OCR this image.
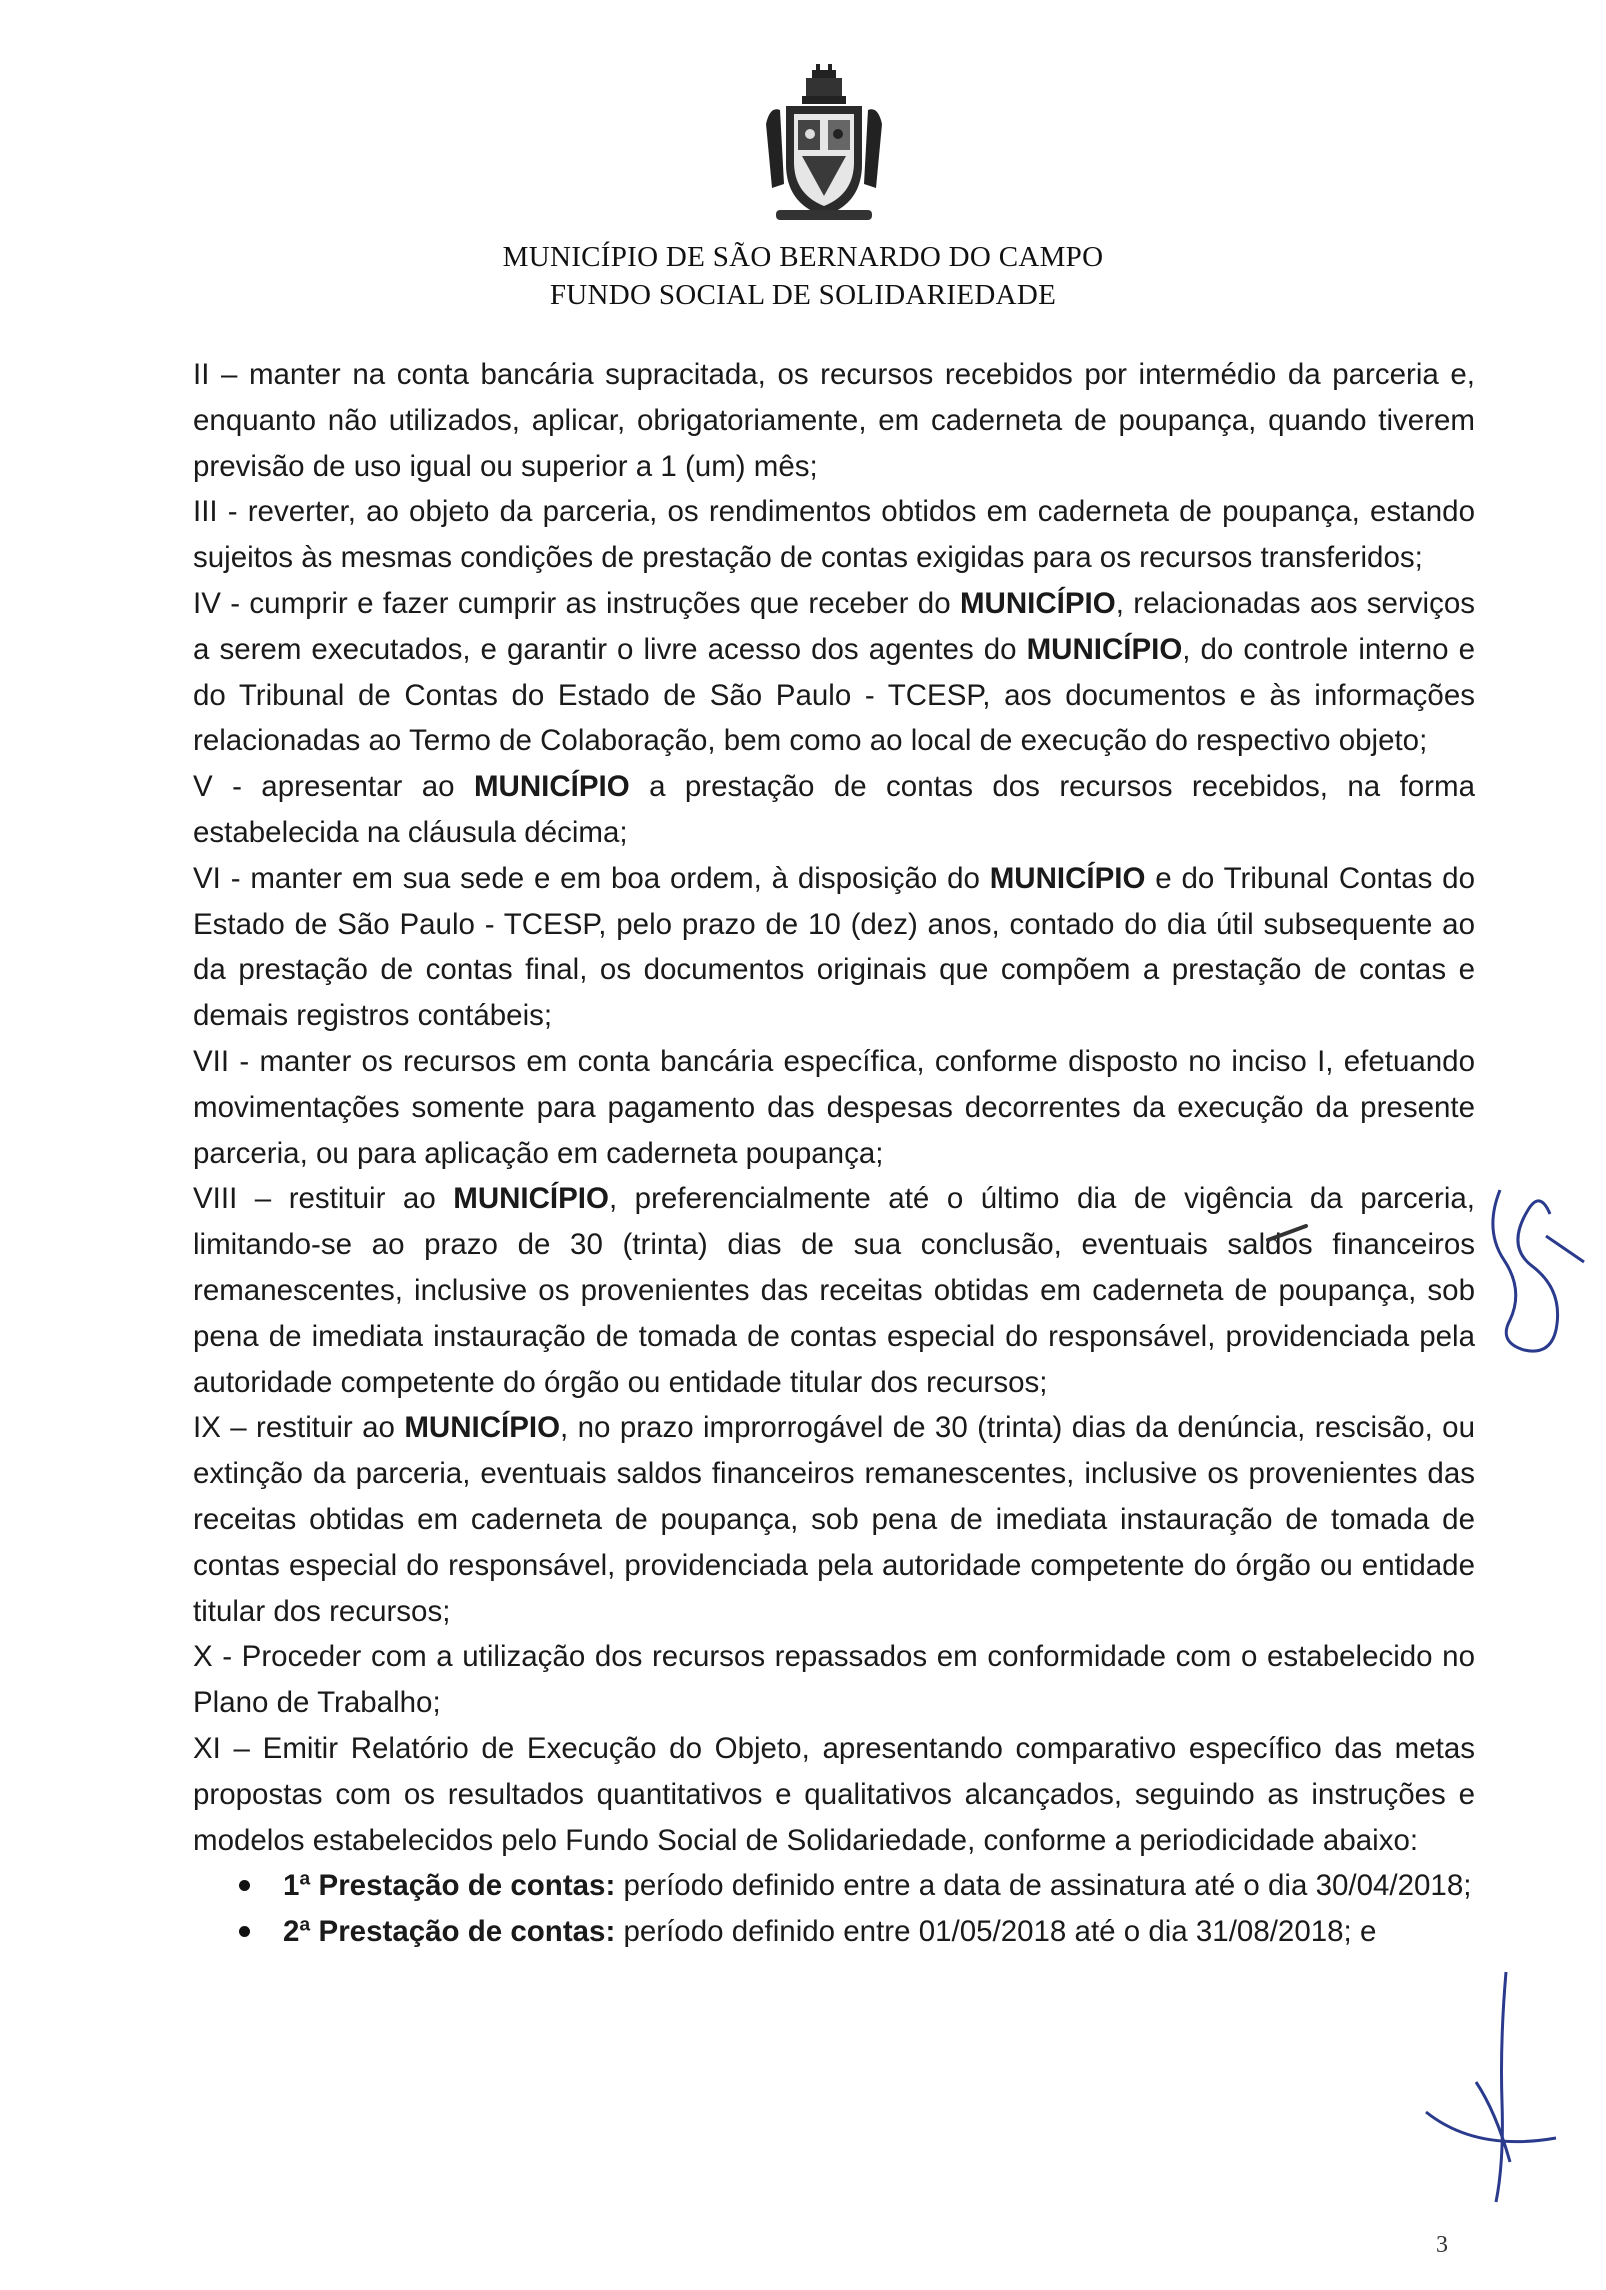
MUNICÍPIO DE SÃO BERNARDO DO CAMPO
FUNDO SOCIAL DE SOLIDARIEDADE

II – manter na conta bancária supracitada, os recursos recebidos por intermédio da parceria e, enquanto não utilizados, aplicar, obrigatoriamente, em caderneta de poupança, quando tiverem previsão de uso igual ou superior a 1 (um) mês;

III - reverter, ao objeto da parceria, os rendimentos obtidos em caderneta de poupança, estando sujeitos às mesmas condições de prestação de contas exigidas para os recursos transferidos;

IV - cumprir e fazer cumprir as instruções que receber do MUNICÍPIO, relacionadas aos serviços a serem executados, e garantir o livre acesso dos agentes do MUNICÍPIO, do controle interno e do Tribunal de Contas do Estado de São Paulo - TCESP, aos documentos e às informações relacionadas ao Termo de Colaboração, bem como ao local de execução do respectivo objeto;

V - apresentar ao MUNICÍPIO a prestação de contas dos recursos recebidos, na forma estabelecida na cláusula décima;

VI - manter em sua sede e em boa ordem, à disposição do MUNICÍPIO e do Tribunal Contas do Estado de São Paulo - TCESP, pelo prazo de 10 (dez) anos, contado do dia útil subsequente ao da prestação de contas final, os documentos originais que compõem a prestação de contas e demais registros contábeis;

VII - manter os recursos em conta bancária específica, conforme disposto no inciso I, efetuando movimentações somente para pagamento das despesas decorrentes da execução da presente parceria, ou para aplicação em caderneta poupança;

VIII – restituir ao MUNICÍPIO, preferencialmente até o último dia de vigência da parceria, limitando-se ao prazo de 30 (trinta) dias de sua conclusão, eventuais saldos financeiros remanescentes, inclusive os provenientes das receitas obtidas em caderneta de poupança, sob pena de imediata instauração de tomada de contas especial do responsável, providenciada pela autoridade competente do órgão ou entidade titular dos recursos;

IX – restituir ao MUNICÍPIO, no prazo improrrogável de 30 (trinta) dias da denúncia, rescisão, ou extinção da parceria, eventuais saldos financeiros remanescentes, inclusive os provenientes das receitas obtidas em caderneta de poupança, sob pena de imediata instauração de tomada de contas especial do responsável, providenciada pela autoridade competente do órgão ou entidade titular dos recursos;

X - Proceder com a utilização dos recursos repassados em conformidade com o estabelecido no Plano de Trabalho;

XI – Emitir Relatório de Execução do Objeto, apresentando comparativo específico das metas propostas com os resultados quantitativos e qualitativos alcançados, seguindo as instruções e modelos estabelecidos pelo Fundo Social de Solidariedade, conforme a periodicidade abaixo:

1ª Prestação de contas: período definido entre a data de assinatura até o dia 30/04/2018;
2ª Prestação de contas: período definido entre 01/05/2018 até o dia 31/08/2018; e
3
